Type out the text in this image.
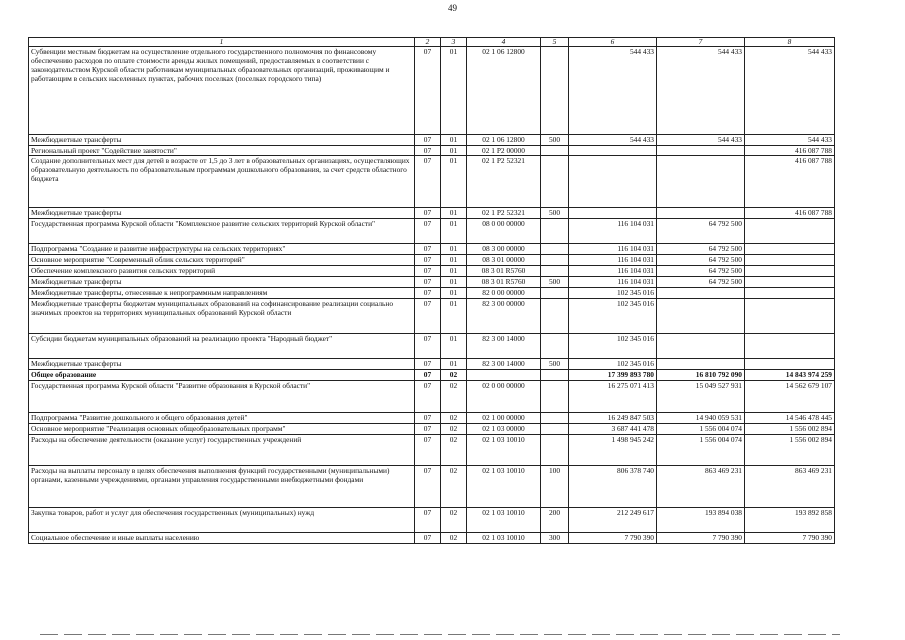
49
1	2	3	4	5	6	7	8
Субвенции местным бюджетам на осуществление отдельного государственного полномочия по финансовому обеспечению расходов по оплате стоимости аренды жилых помещений, предоставляемых в соответствии с законодательством Курской области работникам муниципальных образовательных организаций, проживающим и работающим в сельских населенных пунктах, рабочих поселках (поселках городского типа)	07	01	02 1 06 12800		544 433	544 433	544 433
Межбюджетные трансферты	07	01	02 1 06 12800	500	544 433	544 433	544 433
Региональный проект "Содействие занятости"	07	01	02 1 P2 00000				416 087 788
Создание дополнительных мест для детей в возрасте от 1,5 до 3 лет в образовательных организациях, осуществляющих образовательную деятельность по образовательным программам дошкольного образования, за счет средств областного бюджета	07	01	02 1 P2 52321				416 087 788
Межбюджетные трансферты	07	01	02 1 P2 52321	500			416 087 788
Государственная программа Курской области "Комплексное развитие сельских территорий Курской области"	07	01	08 0 00 00000		116 104 031	64 792 500	
Подпрограмма "Создание и развитие инфраструктуры на сельских территориях"	07	01	08 3 00 00000		116 104 031	64 792 500	
Основное мероприятие "Современный облик сельских территорий"	07	01	08 3 01 00000		116 104 031	64 792 500	
Обеспечение комплексного развития сельских территорий	07	01	08 3 01 R5760		116 104 031	64 792 500	
Межбюджетные трансферты	07	01	08 3 01 R5760	500	116 104 031	64 792 500	
Межбюджетные трансферты, отнесенные к непрограммным направлениям	07	01	82 0 00 00000		102 345 016		
Межбюджетные трансферты бюджетам муниципальных образований на софинансирование реализации социально значимых проектов на территориях муниципальных образований Курской области	07	01	82 3 00 00000		102 345 016		
Субсидии бюджетам муниципальных образований на реализацию проекта "Народный бюджет"	07	01	82 3 00 14000		102 345 016		
Межбюджетные трансферты	07	01	82 3 00 14000	500	102 345 016		
Общее образование	07	02			17 399 893 780	16 810 792 090	14 843 974 259
Государственная программа Курской области "Развитие образования в Курской области"	07	02	02 0 00 00000		16 275 071 413	15 049 527 931	14 562 679 107
Подпрограмма "Развитие дошкольного и общего образования детей"	07	02	02 1 00 00000		16 249 847 503	14 940 059 531	14 546 478 445
Основное мероприятие "Реализация основных общеобразовательных программ"	07	02	02 1 03 00000		3 687 441 478	1 556 004 074	1 556 002 894
Расходы на обеспечение деятельности (оказание услуг) государственных учреждений	07	02	02 1 03 10010		1 498 945 242	1 556 004 074	1 556 002 894
Расходы на выплаты персоналу в целях обеспечения выполнения функций государственными (муниципальными) органами, казенными учреждениями, органами управления государственными внебюджетными фондами	07	02	02 1 03 10010	100	806 378 740	863 469 231	863 469 231
Закупка товаров, работ и услуг для обеспечения государственных (муниципальных) нужд	07	02	02 1 03 10010	200	212 249 617	193 894 038	193 892 858
Социальное обеспечение и иные выплаты населению	07	02	02 1 03 10010	300	7 790 390	7 790 390	7 790 390
